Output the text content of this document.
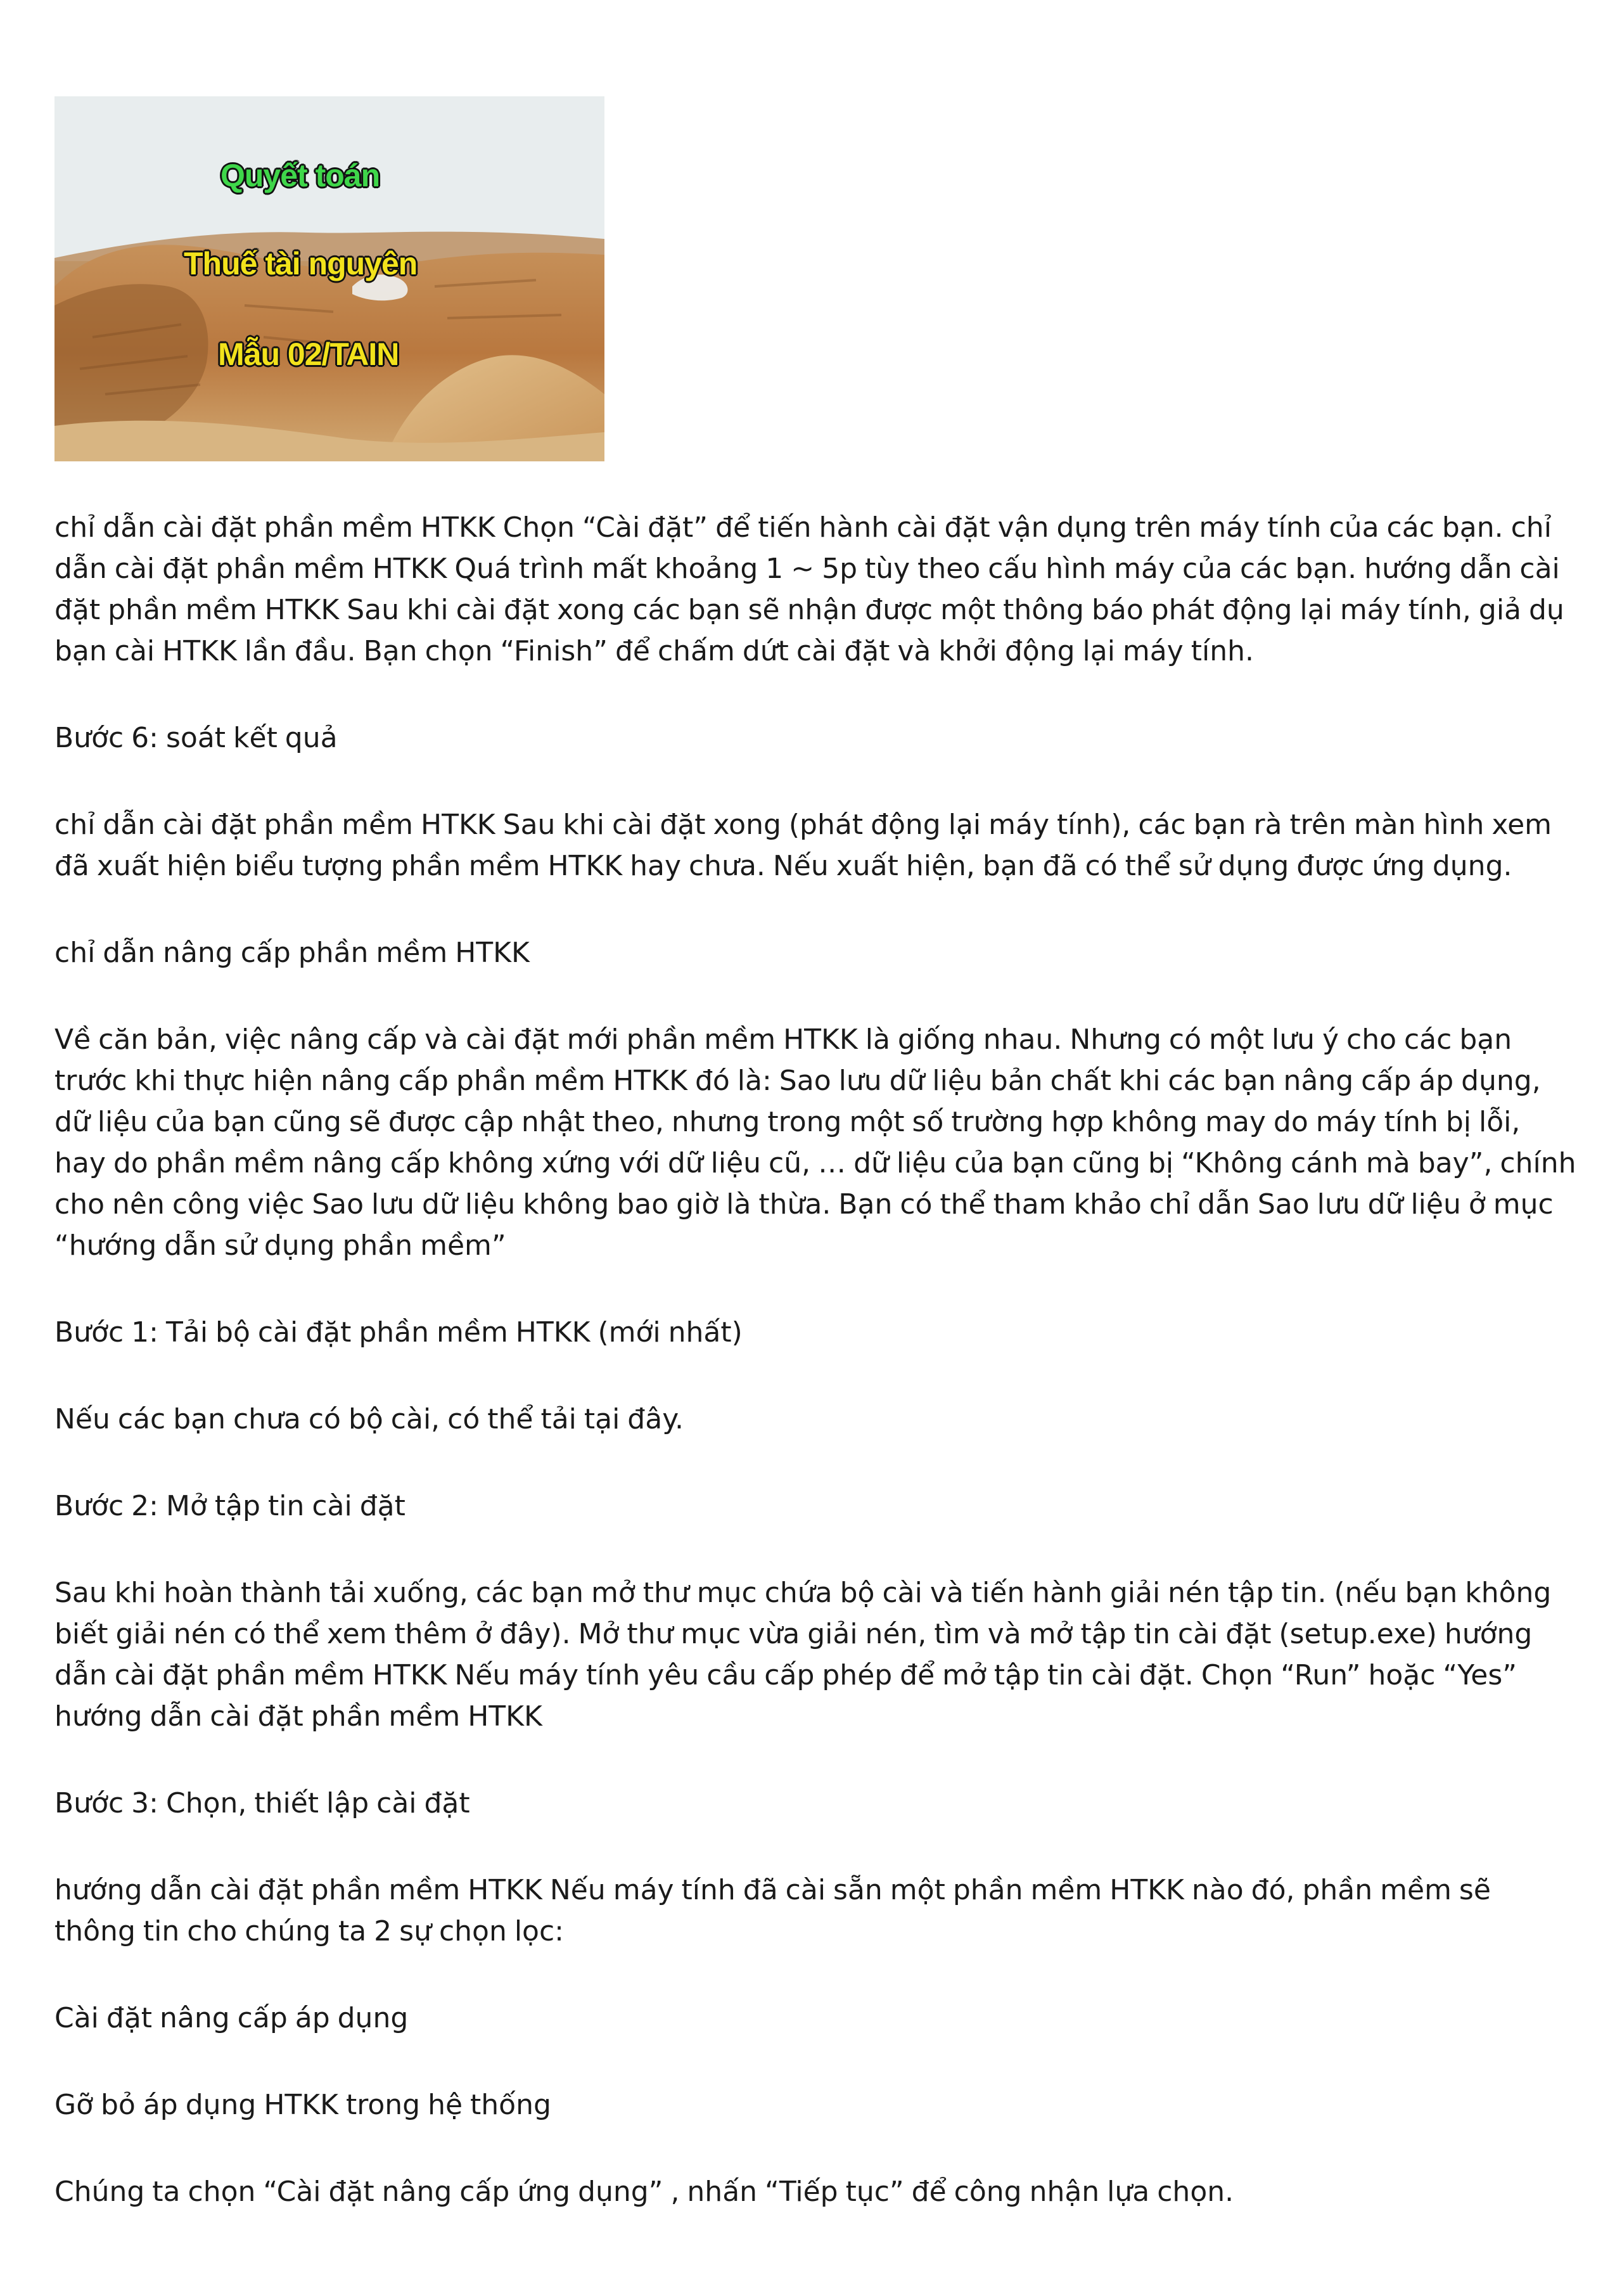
Quyết toán
Thuế tài nguyên
Mẫu 02/TAIN

chỉ dẫn cài đặt phần mềm HTKK Chọn “Cài đặt” để tiến hành cài đặt vận dụng trên máy tính của các bạn. chỉ dẫn cài đặt phần mềm HTKK Quá trình mất khoảng 1 ~ 5p tùy theo cấu hình máy của các bạn. hướng dẫn cài đặt phần mềm HTKK Sau khi cài đặt xong các bạn sẽ nhận được một thông báo phát động lại máy tính, giả dụ bạn cài HTKK lần đầu. Bạn chọn “Finish” để chấm dứt cài đặt và khởi động lại máy tính.

Bước 6: soát kết quả

chỉ dẫn cài đặt phần mềm HTKK Sau khi cài đặt xong (phát động lại máy tính), các bạn rà trên màn hình xem đã xuất hiện biểu tượng phần mềm HTKK hay chưa. Nếu xuất hiện, bạn đã có thể sử dụng được ứng dụng.

chỉ dẫn nâng cấp phần mềm HTKK

Về căn bản, việc nâng cấp và cài đặt mới phần mềm HTKK là giống nhau. Nhưng có một lưu ý cho các bạn trước khi thực hiện nâng cấp phần mềm HTKK đó là: Sao lưu dữ liệu bản chất khi các bạn nâng cấp áp dụng, dữ liệu của bạn cũng sẽ được cập nhật theo, nhưng trong một số trường hợp không may do máy tính bị lỗi, hay do phần mềm nâng cấp không xứng với dữ liệu cũ, … dữ liệu của bạn cũng bị “Không cánh mà bay”, chính cho nên công việc Sao lưu dữ liệu không bao giờ là thừa. Bạn có thể tham khảo chỉ dẫn Sao lưu dữ liệu ở mục “hướng dẫn sử dụng phần mềm”

Bước 1: Tải bộ cài đặt phần mềm HTKK (mới nhất)

Nếu các bạn chưa có bộ cài, có thể tải tại đây.

Bước 2: Mở tập tin cài đặt

Sau khi hoàn thành tải xuống, các bạn mở thư mục chứa bộ cài và tiến hành giải nén tập tin. (nếu bạn không biết giải nén có thể xem thêm ở đây). Mở thư mục vừa giải nén, tìm và mở tập tin cài đặt (setup.exe) hướng dẫn cài đặt phần mềm HTKK Nếu máy tính yêu cầu cấp phép để mở tập tin cài đặt. Chọn “Run” hoặc “Yes” hướng dẫn cài đặt phần mềm HTKK

Bước 3: Chọn, thiết lập cài đặt

hướng dẫn cài đặt phần mềm HTKK Nếu máy tính đã cài sẵn một phần mềm HTKK nào đó, phần mềm sẽ thông tin cho chúng ta 2 sự chọn lọc:

Cài đặt nâng cấp áp dụng

Gỡ bỏ áp dụng HTKK trong hệ thống

Chúng ta chọn “Cài đặt nâng cấp ứng dụng” , nhấn “Tiếp tục” để công nhận lựa chọn.
